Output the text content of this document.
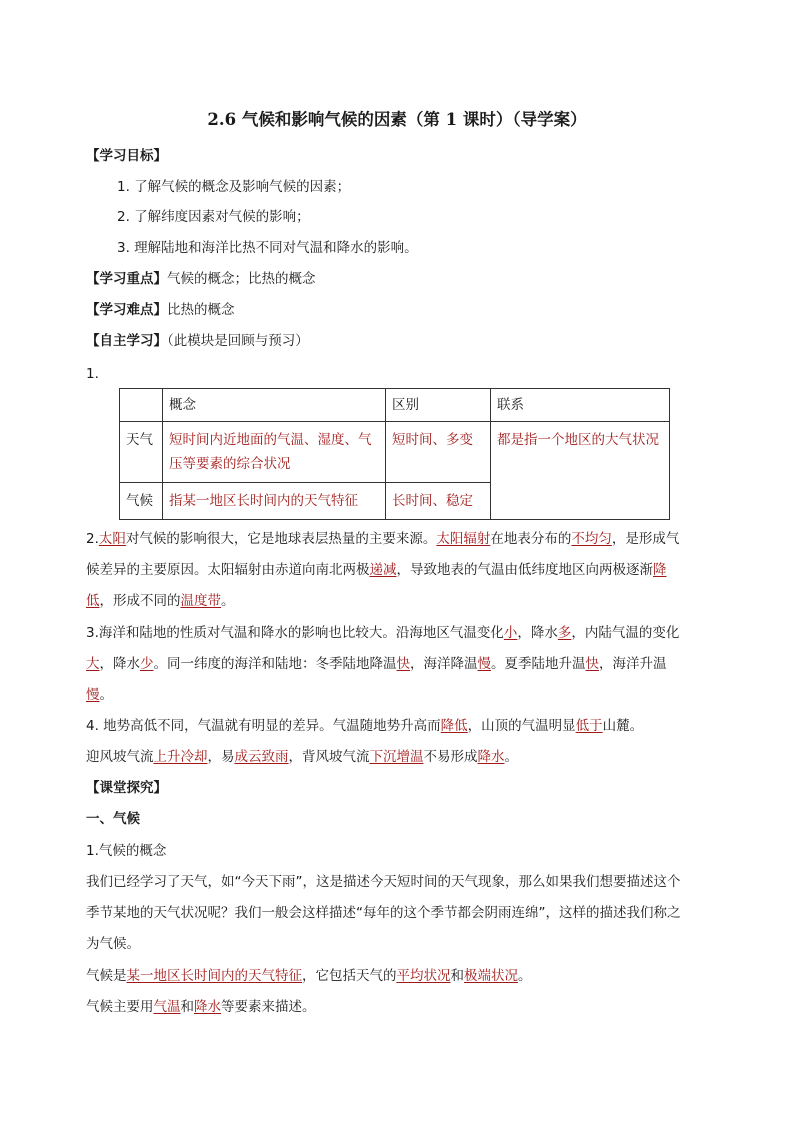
2.6 气候和影响气候的因素（第 1 课时）（导学案）
【学习目标】
1. 了解气候的概念及影响气候的因素；
2. 了解纬度因素对气候的影响；
3. 理解陆地和海洋比热不同对气温和降水的影响。
【学习重点】气候的概念；比热的概念
【学习难点】比热的概念
【自主学习】（此模块是回顾与预习）
1.
	概念	区别	联系
天气	短时间内近地面的气温、湿度、气
压等要素的综合状况	短时间、多变	都是指一个地区的大气状况
气候	指某一地区长时间内的天气特征	长时间、稳定	
2.太阳对气候的影响很大，它是地球表层热量的主要来源。太阳辐射在地表分布的不均匀，是形成气
候差异的主要原因。太阳辐射由赤道向南北两极递减，导致地表的气温由低纬度地区向两极逐渐降
低，形成不同的温度带。
3.海洋和陆地的性质对气温和降水的影响也比较大。沿海地区气温变化小，降水多，内陆气温的变化
大，降水少。同一纬度的海洋和陆地：冬季陆地降温快，海洋降温慢。夏季陆地升温快，海洋升温
慢。
4. 地势高低不同，气温就有明显的差异。气温随地势升高而降低，山顶的气温明显低于山麓。
迎风坡气流上升冷却，易成云致雨，背风坡气流下沉增温不易形成降水。
【课堂探究】
一、气候
1.气候的概念
我们已经学习了天气，如“今天下雨”，这是描述今天短时间的天气现象，那么如果我们想要描述这个
季节某地的天气状况呢？我们一般会这样描述“每年的这个季节都会阴雨连绵”，这样的描述我们称之
为气候。
气候是某一地区长时间内的天气特征，它包括天气的平均状况和极端状况。
气候主要用气温和降水等要素来描述。
